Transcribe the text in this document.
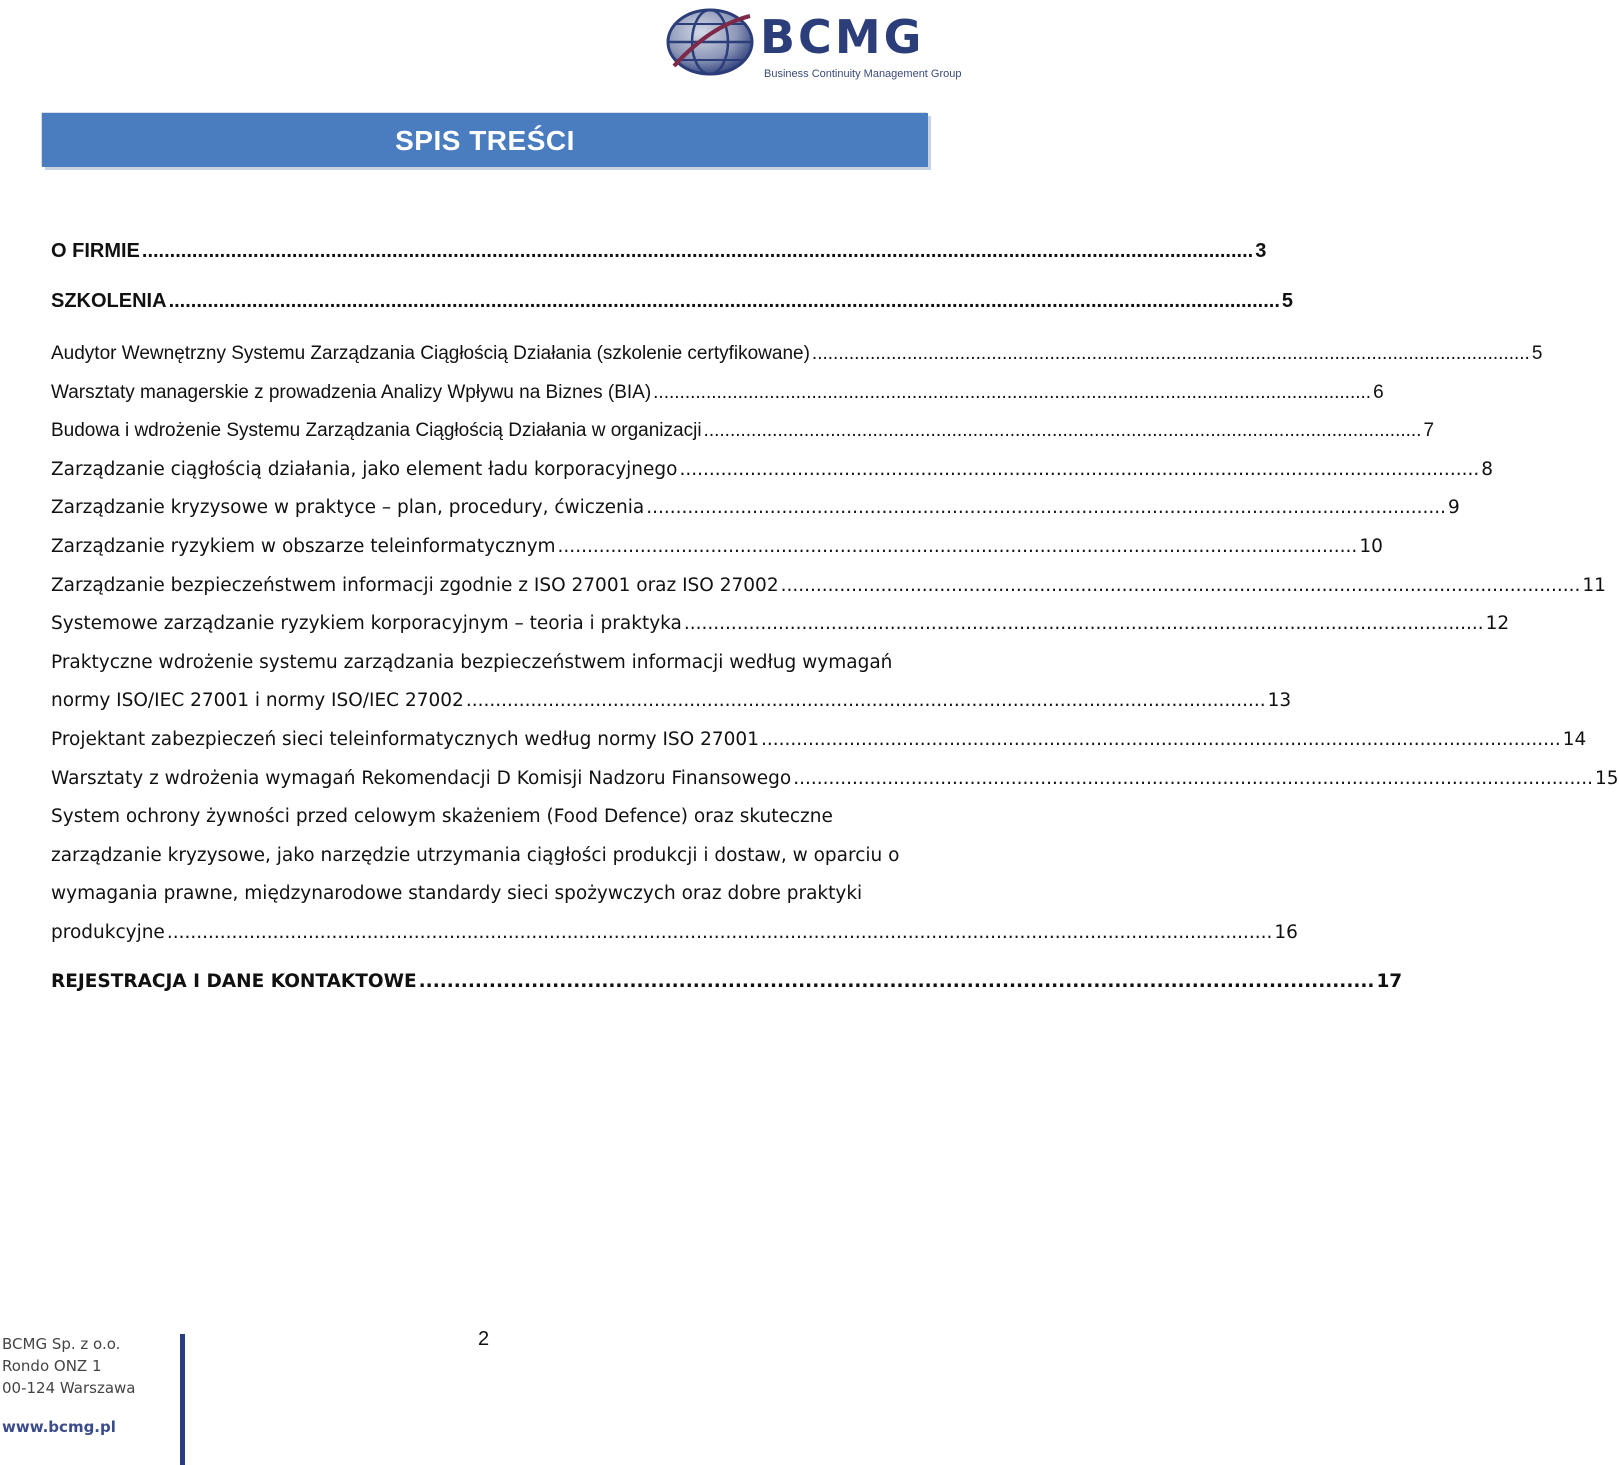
BCMG
Business Continuity Management Group
SPIS TREŚCI
O FIRMIE ........................................................................................................................................................................................................ 3
SZKOLENIA ........................................................................................................................................................................................................ 5
Audytor Wewnętrzny Systemu Zarządzania Ciągłością Działania (szkolenie certyfikowane) ........................................................................................................................................ 5
Warsztaty managerskie z prowadzenia Analizy Wpływu na Biznes (BIA) ........................................................................................................................................ 6
Budowa i wdrożenie Systemu Zarządzania Ciągłością Działania w organizacji ........................................................................................................................................ 7
Zarządzanie ciągłością działania, jako element ładu korporacyjnego ........................................................................................................................................ 8
Zarządzanie kryzysowe w praktyce – plan, procedury, ćwiczenia ........................................................................................................................................ 9
Zarządzanie ryzykiem w obszarze teleinformatycznym ........................................................................................................................................ 10
Zarządzanie bezpieczeństwem informacji zgodnie z ISO 27001 oraz ISO 27002 ........................................................................................................................................ 11
Systemowe zarządzanie ryzykiem korporacyjnym – teoria i praktyka ........................................................................................................................................ 12
Praktyczne wdrożenie systemu zarządzania bezpieczeństwem informacji według wymagań
normy ISO/IEC 27001 i normy ISO/IEC 27002 ........................................................................................................................................ 13
Projektant zabezpieczeń sieci teleinformatycznych według normy ISO 27001 ........................................................................................................................................ 14
Warsztaty z wdrożenia wymagań Rekomendacji D Komisji Nadzoru Finansowego ........................................................................................................................................ 15
System ochrony żywności przed celowym skażeniem (Food Defence) oraz skuteczne
zarządzanie kryzysowe, jako narzędzie utrzymania ciągłości produkcji i dostaw, w oparciu o
wymagania prawne, międzynarodowe standardy sieci spożywczych oraz dobre praktyki
produkcyjne ............................................................................................................................................................................................ 16
REJESTRACJA I DANE KONTAKTOWE ........................................................................................................................................ 17
BCMG Sp. z o.o.
Rondo ONZ 1
00-124 Warszawa
www.bcmg.pl
2
